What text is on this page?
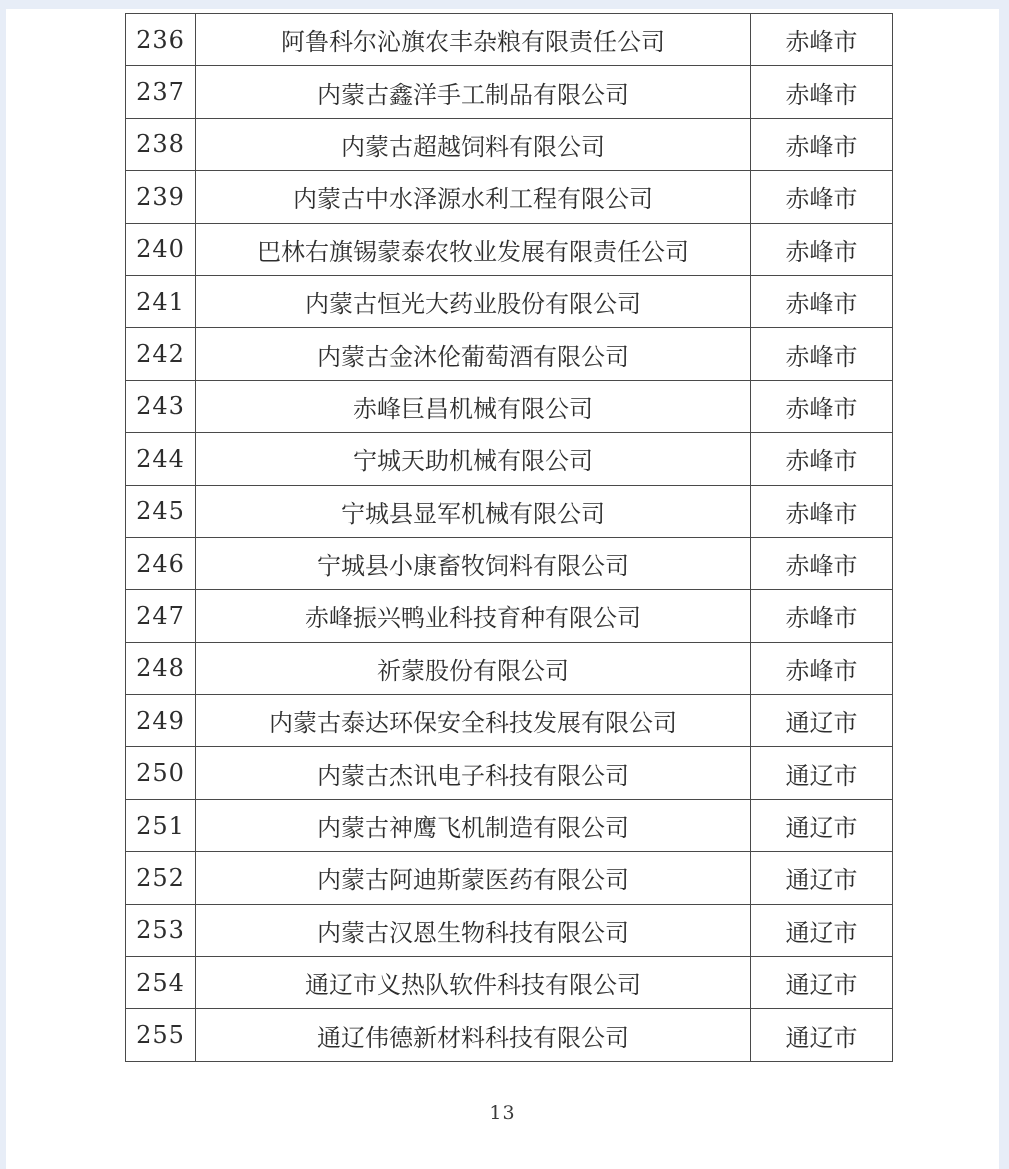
236	阿鲁科尔沁旗农丰杂粮有限责任公司	赤峰市
237	内蒙古鑫洋手工制品有限公司	赤峰市
238	内蒙古超越饲料有限公司	赤峰市
239	内蒙古中水泽源水利工程有限公司	赤峰市
240	巴林右旗锡蒙泰农牧业发展有限责任公司	赤峰市
241	内蒙古恒光大药业股份有限公司	赤峰市
242	内蒙古金沐伦葡萄酒有限公司	赤峰市
243	赤峰巨昌机械有限公司	赤峰市
244	宁城天助机械有限公司	赤峰市
245	宁城县显军机械有限公司	赤峰市
246	宁城县小康畜牧饲料有限公司	赤峰市
247	赤峰振兴鸭业科技育种有限公司	赤峰市
248	祈蒙股份有限公司	赤峰市
249	内蒙古泰达环保安全科技发展有限公司	通辽市
250	内蒙古杰讯电子科技有限公司	通辽市
251	内蒙古神鹰飞机制造有限公司	通辽市
252	内蒙古阿迪斯蒙医药有限公司	通辽市
253	内蒙古汉恩生物科技有限公司	通辽市
254	通辽市义热队软件科技有限公司	通辽市
255	通辽伟德新材料科技有限公司	通辽市
13
